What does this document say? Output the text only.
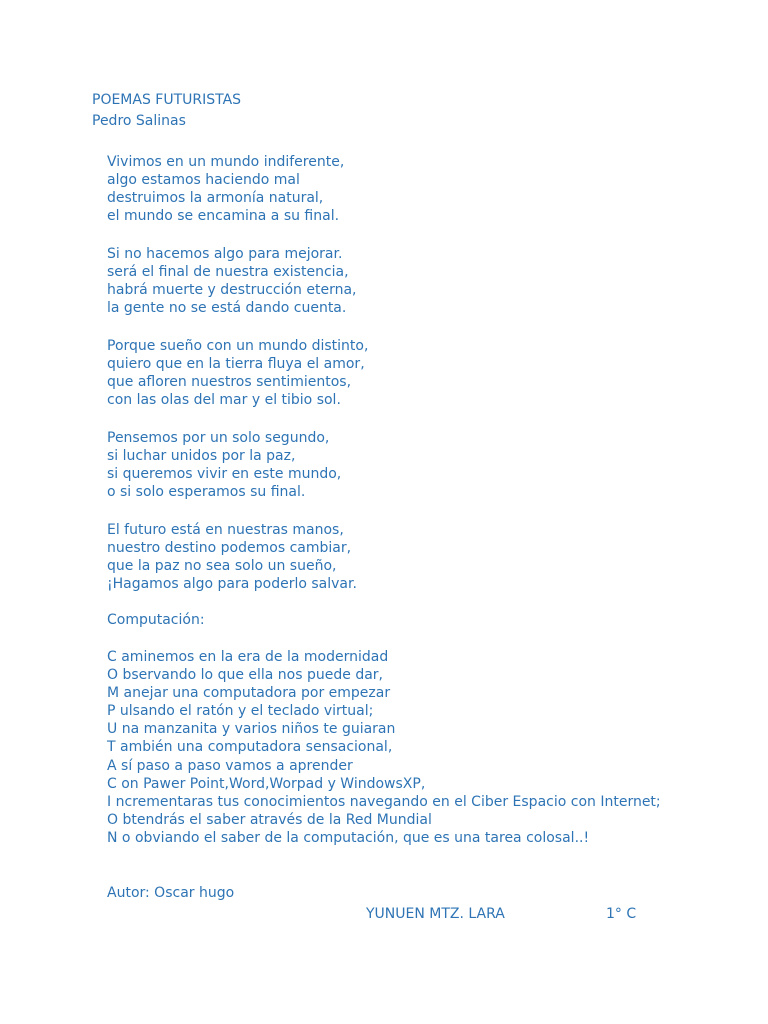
POEMAS FUTURISTAS
Pedro Salinas
Vivimos en un mundo indiferente,
algo estamos haciendo mal
destruimos la armonía natural,
el mundo se encamina a su final.
Si no hacemos algo para mejorar.
será el final de nuestra existencia,
habrá muerte y destrucción eterna,
la gente no se está dando cuenta.
Porque sueño con un mundo distinto,
quiero que en la tierra fluya el amor,
que afloren nuestros sentimientos,
con las olas del mar y el tibio sol.
Pensemos por un solo segundo,
si luchar unidos por la paz,
si queremos vivir en este mundo,
o si solo esperamos su final.
El futuro está en nuestras manos,
nuestro destino podemos cambiar,
que la paz no sea solo un sueño,
¡Hagamos algo para poderlo salvar.
Computación:
C aminemos en la era de la modernidad
O bservando lo que ella nos puede dar,
M anejar una computadora por empezar
P ulsando el ratón y el teclado virtual;
U na manzanita y varios niños te guiaran
T ambién una computadora sensacional,
A sí paso a paso vamos a aprender
C on Pawer Point,Word,Worpad y WindowsXP,
I ncrementaras tus conocimientos navegando en el Ciber Espacio con Internet;
O btendrás el saber através de la Red Mundial
N o obviando el saber de la computación, que es una tarea colosal..!
Autor: Oscar hugo
YUNUEN MTZ. LARA	1° C
